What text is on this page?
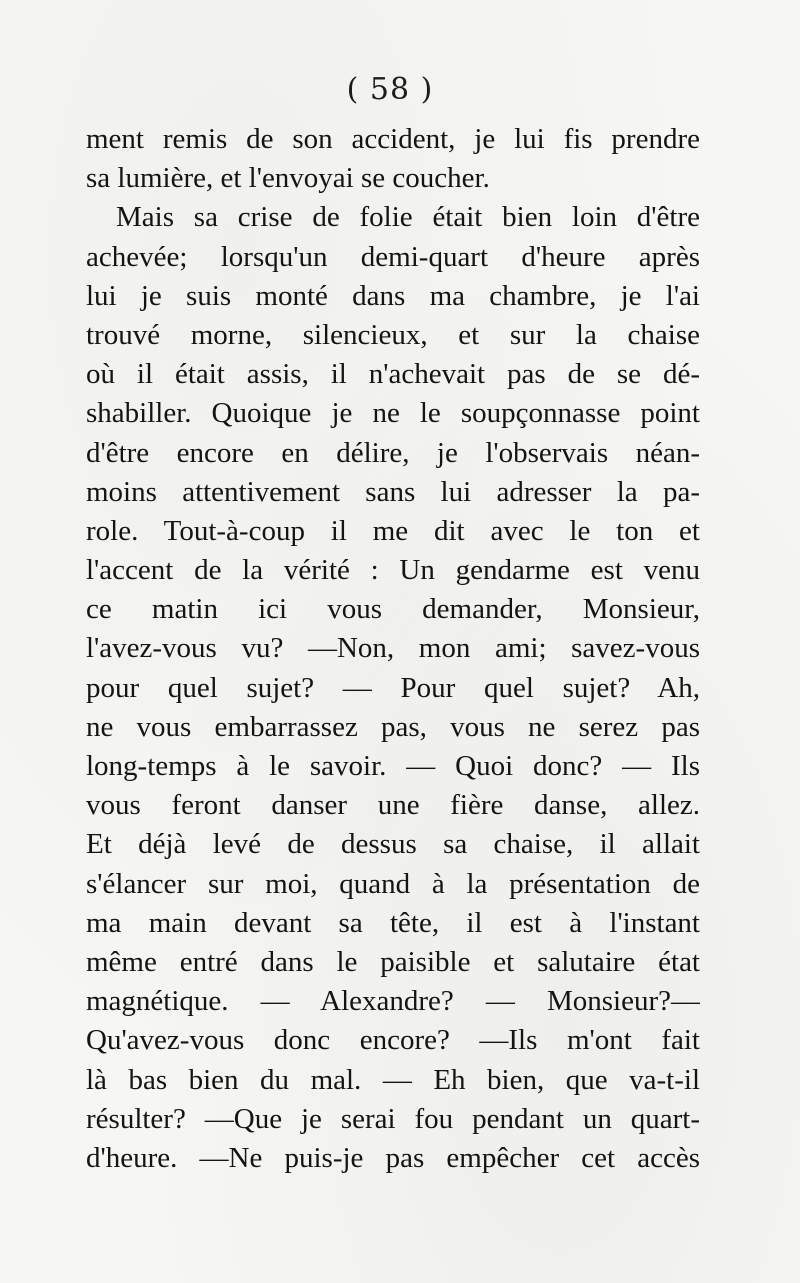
( 58 )
ment remis de son accident, je lui fis prendre
sa lumière, et l'envoyai se coucher.
Mais sa crise de folie était bien loin d'être
achevée; lorsqu'un demi-quart d'heure après
lui je suis monté dans ma chambre, je l'ai
trouvé morne, silencieux, et sur la chaise
où il était assis, il n'achevait pas de se dé-
shabiller. Quoique je ne le soupçonnasse point
d'être encore en délire, je l'observais néan-
moins attentivement sans lui adresser la pa-
role. Tout-à-coup il me dit avec le ton et
l'accent de la vérité : Un gendarme est venu
ce matin ici vous demander, Monsieur,
l'avez-vous vu? —Non, mon ami; savez-vous
pour quel sujet? — Pour quel sujet? Ah,
ne vous embarrassez pas, vous ne serez pas
long-temps à le savoir. — Quoi donc? — Ils
vous feront danser une fière danse, allez.
Et déjà levé de dessus sa chaise, il allait
s'élancer sur moi, quand à la présentation de
ma main devant sa tête, il est à l'instant
même entré dans le paisible et salutaire état
magnétique. — Alexandre? — Monsieur?—
Qu'avez-vous donc encore? —Ils m'ont fait
là bas bien du mal. — Eh bien, que va-t-il
résulter? —Que je serai fou pendant un quart-
d'heure. —Ne puis-je pas empêcher cet accès
